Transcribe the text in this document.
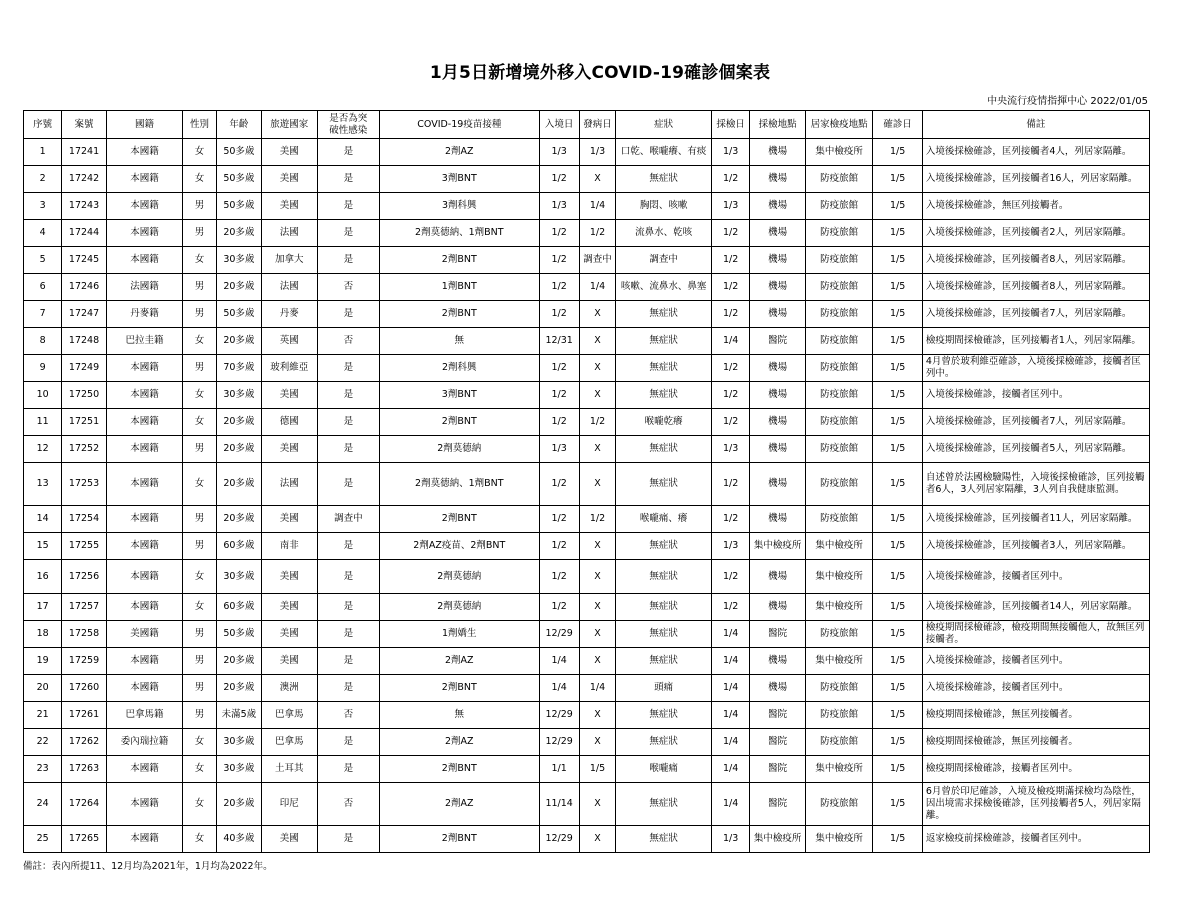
1月5日新增境外移入COVID-19確診個案表
中央流行疫情指揮中心 2022/01/05
序號	案號	國籍	性別	年齡	旅遊國家	是否為突破性感染	COVID-19疫苗接種	入境日	發病日	症狀	採檢日	採檢地點	居家檢疫地點	確診日	備註
1	17241	本國籍	女	50多歲	美國	是	2劑AZ	1/3	1/3	口乾、喉嚨癢、有痰	1/3	機場	集中檢疫所	1/5	入境後採檢確診，匡列接觸者4人，列居家隔離。
2	17242	本國籍	女	50多歲	美國	是	3劑BNT	1/2	X	無症狀	1/2	機場	防疫旅館	1/5	入境後採檢確診，匡列接觸者16人，列居家隔離。
3	17243	本國籍	男	50多歲	美國	是	3劑科興	1/3	1/4	胸悶、咳嗽	1/3	機場	防疫旅館	1/5	入境後採檢確診，無匡列接觸者。
4	17244	本國籍	男	20多歲	法國	是	2劑莫德納、1劑BNT	1/2	1/2	流鼻水、乾咳	1/2	機場	防疫旅館	1/5	入境後採檢確診，匡列接觸者2人，列居家隔離。
5	17245	本國籍	女	30多歲	加拿大	是	2劑BNT	1/2	調查中	調查中	1/2	機場	防疫旅館	1/5	入境後採檢確診，匡列接觸者8人，列居家隔離。
6	17246	法國籍	男	20多歲	法國	否	1劑BNT	1/2	1/4	咳嗽、流鼻水、鼻塞	1/2	機場	防疫旅館	1/5	入境後採檢確診，匡列接觸者8人，列居家隔離。
7	17247	丹麥籍	男	50多歲	丹麥	是	2劑BNT	1/2	X	無症狀	1/2	機場	防疫旅館	1/5	入境後採檢確診，匡列接觸者7人，列居家隔離。
8	17248	巴拉圭籍	女	20多歲	英國	否	無	12/31	X	無症狀	1/4	醫院	防疫旅館	1/5	檢疫期間採檢確診，匡列接觸者1人，列居家隔離。
9	17249	本國籍	男	70多歲	玻利維亞	是	2劑科興	1/2	X	無症狀	1/2	機場	防疫旅館	1/5	4月曾於玻利維亞確診，入境後採檢確診，接觸者匡列中。
10	17250	本國籍	女	30多歲	美國	是	3劑BNT	1/2	X	無症狀	1/2	機場	防疫旅館	1/5	入境後採檢確診，接觸者匡列中。
11	17251	本國籍	女	20多歲	德國	是	2劑BNT	1/2	1/2	喉嚨乾癢	1/2	機場	防疫旅館	1/5	入境後採檢確診，匡列接觸者7人，列居家隔離。
12	17252	本國籍	男	20多歲	美國	是	2劑莫德納	1/3	X	無症狀	1/3	機場	防疫旅館	1/5	入境後採檢確診，匡列接觸者5人，列居家隔離。
13	17253	本國籍	女	20多歲	法國	是	2劑莫德納、1劑BNT	1/2	X	無症狀	1/2	機場	防疫旅館	1/5	自述曾於法國檢驗陽性，入境後採檢確診，匡列接觸者6人，3人列居家隔離，3人列自我健康監測。
14	17254	本國籍	男	20多歲	美國	調查中	2劑BNT	1/2	1/2	喉嚨痛、癢	1/2	機場	防疫旅館	1/5	入境後採檢確診，匡列接觸者11人，列居家隔離。
15	17255	本國籍	男	60多歲	南非	是	2劑AZ疫苗、2劑BNT	1/2	X	無症狀	1/3	集中檢疫所	集中檢疫所	1/5	入境後採檢確診，匡列接觸者3人，列居家隔離。
16	17256	本國籍	女	30多歲	美國	是	2劑莫德納	1/2	X	無症狀	1/2	機場	集中檢疫所	1/5	入境後採檢確診，接觸者匡列中。
17	17257	本國籍	女	60多歲	美國	是	2劑莫德納	1/2	X	無症狀	1/2	機場	集中檢疫所	1/5	入境後採檢確診，匡列接觸者14人，列居家隔離。
18	17258	美國籍	男	50多歲	美國	是	1劑嬌生	12/29	X	無症狀	1/4	醫院	防疫旅館	1/5	檢疫期間採檢確診，檢疫期間無接觸他人，故無匡列接觸者。
19	17259	本國籍	男	20多歲	美國	是	2劑AZ	1/4	X	無症狀	1/4	機場	集中檢疫所	1/5	入境後採檢確診，接觸者匡列中。
20	17260	本國籍	男	20多歲	澳洲	是	2劑BNT	1/4	1/4	頭痛	1/4	機場	防疫旅館	1/5	入境後採檢確診，接觸者匡列中。
21	17261	巴拿馬籍	男	未滿5歲	巴拿馬	否	無	12/29	X	無症狀	1/4	醫院	防疫旅館	1/5	檢疫期間採檢確診，無匡列接觸者。
22	17262	委內瑞拉籍	女	30多歲	巴拿馬	是	2劑AZ	12/29	X	無症狀	1/4	醫院	防疫旅館	1/5	檢疫期間採檢確診，無匡列接觸者。
23	17263	本國籍	女	30多歲	土耳其	是	2劑BNT	1/1	1/5	喉嚨痛	1/4	醫院	集中檢疫所	1/5	檢疫期間採檢確診，接觸者匡列中。
24	17264	本國籍	女	20多歲	印尼	否	2劑AZ	11/14	X	無症狀	1/4	醫院	防疫旅館	1/5	6月曾於印尼確診，入境及檢疫期滿採檢均為陰性，因出境需求採檢後確診，匡列接觸者5人，列居家隔離。
25	17265	本國籍	女	40多歲	美國	是	2劑BNT	12/29	X	無症狀	1/3	集中檢疫所	集中檢疫所	1/5	返家檢疫前採檢確診，接觸者匡列中。
備註：表內所提11、12月均為2021年，1月均為2022年。
